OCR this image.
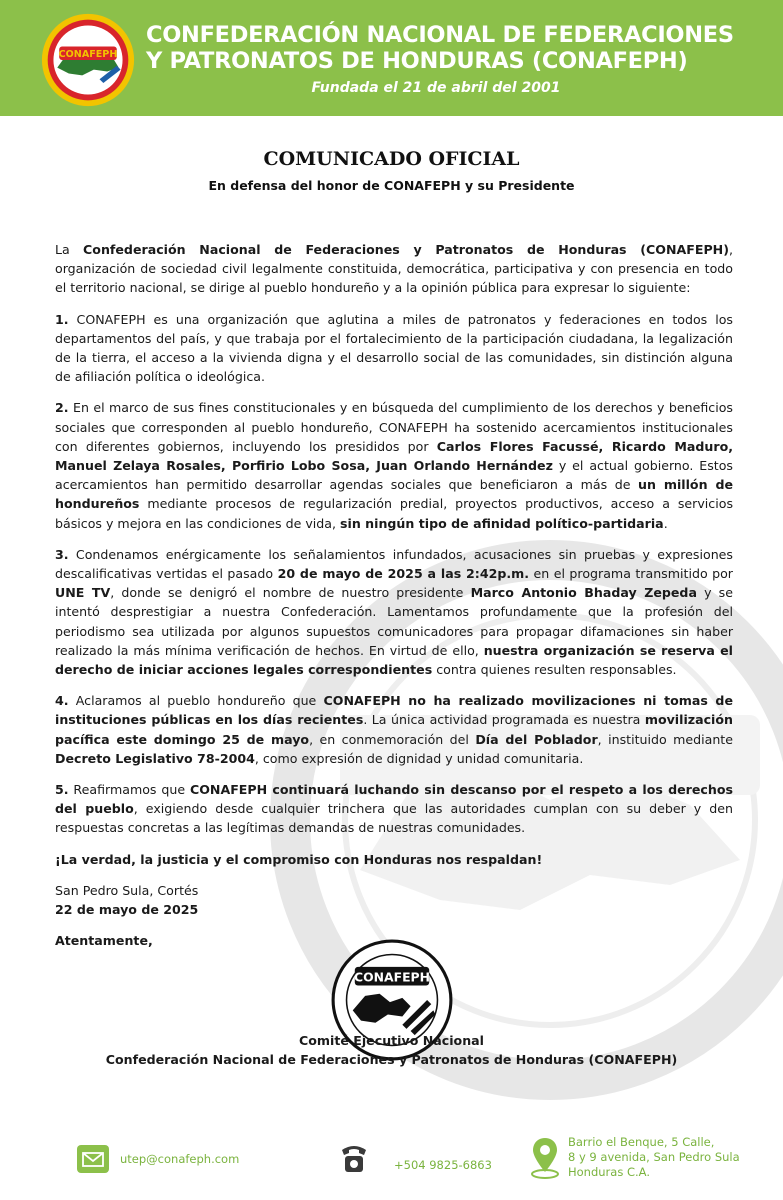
CONAFEPH
CONFEDERACIÓN NACIONAL DE FEDERACIONES
Y PATRONATOS DE HONDURAS (CONAFEPH)
Fundada el 21 de abril del 2001
COMUNICADO OFICIAL
En defensa del honor de CONAFEPH y su Presidente

La Confederación Nacional de Federaciones y Patronatos de Honduras (CONAFEPH), organización de sociedad civil legalmente constituida, democrática, participativa y con presencia en todo el territorio nacional, se dirige al pueblo hondureño y a la opinión pública para expresar lo siguiente:

1. CONAFEPH es una organización que aglutina a miles de patronatos y federaciones en todos los departamentos del país, y que trabaja por el fortalecimiento de la participación ciudadana, la legalización de la tierra, el acceso a la vivienda digna y el desarrollo social de las comunidades, sin distinción alguna de afiliación política o ideológica.

2. En el marco de sus fines constitucionales y en búsqueda del cumplimiento de los derechos y beneficios sociales que corresponden al pueblo hondureño, CONAFEPH ha sostenido acercamientos institucionales con diferentes gobiernos, incluyendo los presididos por Carlos Flores Facussé, Ricardo Maduro, Manuel Zelaya Rosales, Porfirio Lobo Sosa, Juan Orlando Hernández y el actual gobierno. Estos acercamientos han permitido desarrollar agendas sociales que beneficiaron a más de un millón de hondureños mediante procesos de regularización predial, proyectos productivos, acceso a servicios básicos y mejora en las condiciones de vida, sin ningún tipo de afinidad político-partidaria.

3. Condenamos enérgicamente los señalamientos infundados, acusaciones sin pruebas y expresiones descalificativas vertidas el pasado 20 de mayo de 2025 a las 2:42p.m. en el programa transmitido por UNE TV, donde se denigró el nombre de nuestro presidente Marco Antonio Bhaday Zepeda y se intentó desprestigiar a nuestra Confederación. Lamentamos profundamente que la profesión del periodismo sea utilizada por algunos supuestos comunicadores para propagar difamaciones sin haber realizado la más mínima verificación de hechos. En virtud de ello, nuestra organización se reserva el derecho de iniciar acciones legales correspondientes contra quienes resulten responsables.

4. Aclaramos al pueblo hondureño que CONAFEPH no ha realizado movilizaciones ni tomas de instituciones públicas en los días recientes. La única actividad programada es nuestra movilización pacífica este domingo 25 de mayo, en conmemoración del Día del Poblador, instituido mediante Decreto Legislativo 78-2004, como expresión de dignidad y unidad comunitaria.

5. Reafirmamos que CONAFEPH continuará luchando sin descanso por el respeto a los derechos del pueblo, exigiendo desde cualquier trinchera que las autoridades cumplan con su deber y den respuestas concretas a las legítimas demandas de nuestras comunidades.

¡La verdad, la justicia y el compromiso con Honduras nos respaldan!

San Pedro Sula, Cortés

22 de mayo de 2025

Atentamente,

CONAFEPH
Comité Ejecutivo Nacional
Confederación Nacional de Federaciones y Patronatos de Honduras (CONAFEPH)
utep@conafeph.com	+504 9825-6863
Barrio el Benque, 5 Calle,
8 y 9 avenida, San Pedro Sula
Honduras C.A.
